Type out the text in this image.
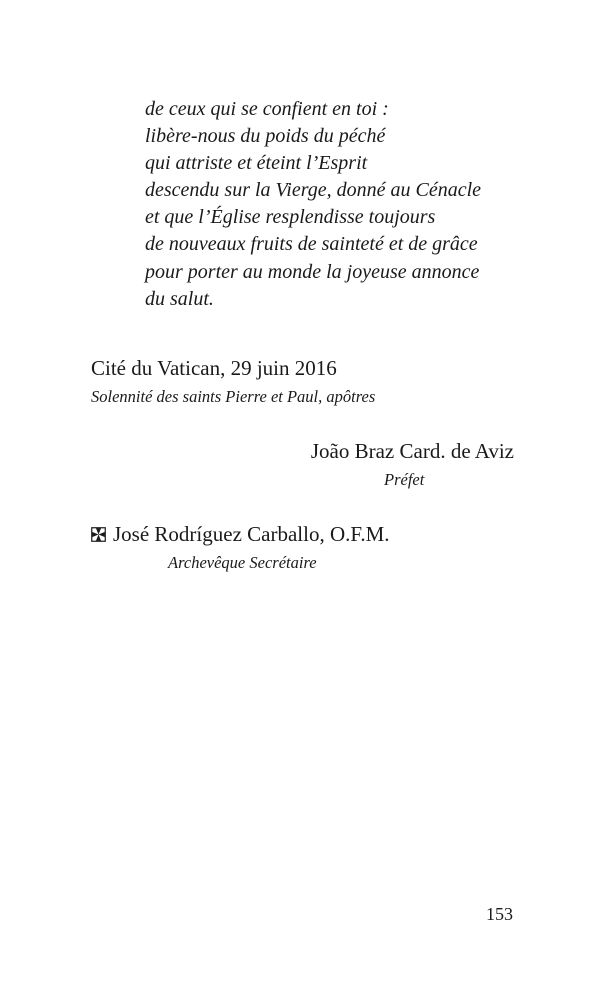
de ceux qui se confient en toi :
libère-nous du poids du péché
qui attriste et éteint l’Esprit
descendu sur la Vierge, donné au Cénacle
et que l’Église resplendisse toujours
de nouveaux fruits de sainteté et de grâce
pour porter au monde la joyeuse annonce
du salut.
Cité du Vatican, 29 juin 2016
Solennité des saints Pierre et Paul, apôtres
João Braz Card. de Aviz
Préfet
José Rodríguez Carballo, O.F.M.
Archevêque Secrétaire
153
